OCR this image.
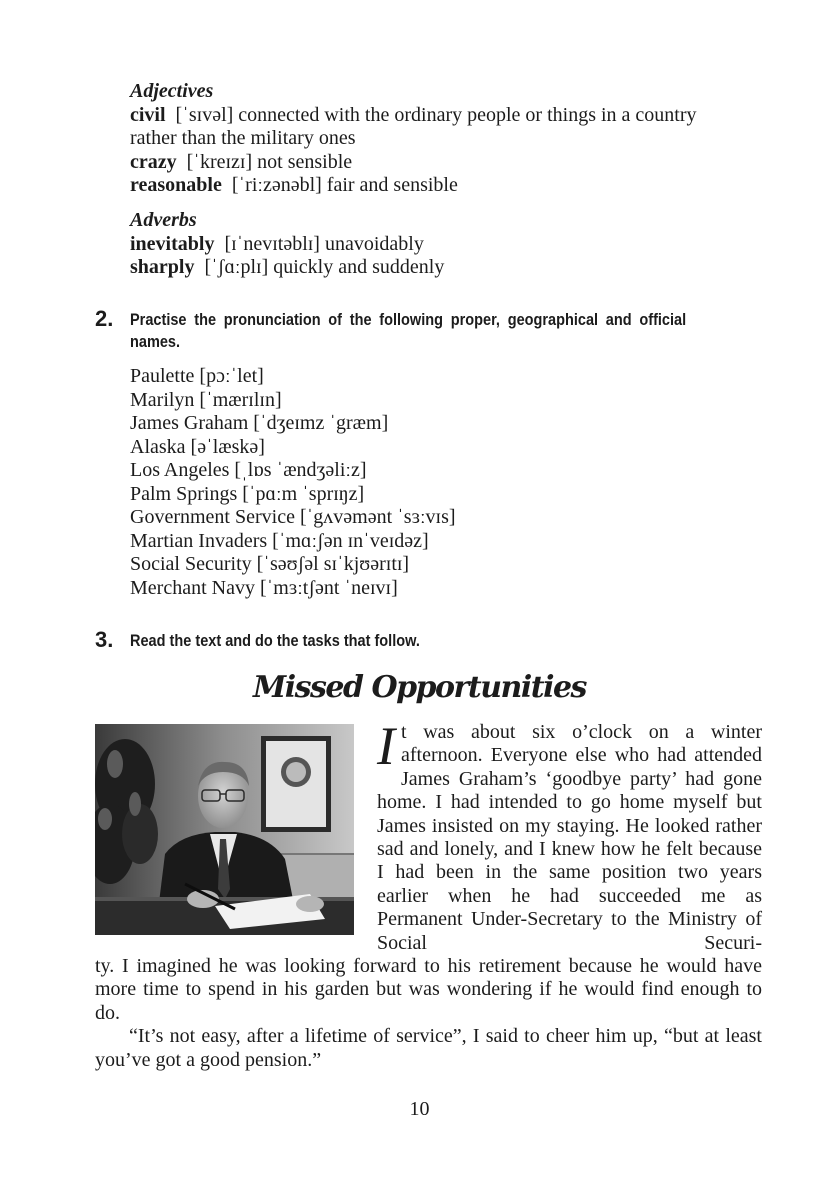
Adjectives
civil [ˈsɪvəl] connected with the ordinary people or things in a country
rather than the military ones
crazy [ˈkreɪzɪ] not sensible
reasonable [ˈriːzənəbl] fair and sensible
Adverbs
inevitably [ɪˈnevɪtəblɪ] unavoidably
sharply [ˈʃɑːplɪ] quickly and suddenly
2. Practise the pronunciation of the following proper, geographical and official names.
Paulette [pɔːˈlet]
Marilyn [ˈmærɪlɪn]
James Graham [ˈdʒeɪmz ˈgræm]
Alaska [əˈlæskə]
Los Angeles [ˌlɒs ˈændʒəliːz]
Palm Springs [ˈpɑːm ˈsprɪŋz]
Government Service [ˈgʌvəmənt ˈsɜːvɪs]
Martian Invaders [ˈmɑːʃən ɪnˈveɪdəz]
Social Security [ˈsəʊʃəl sɪˈkjʊərɪtɪ]
Merchant Navy [ˈmɜːtʃənt ˈneɪvɪ]
3. Read the text and do the tasks that follow.
Missed Opportunities
It was about six o’clock on a winter afternoon. Everyone else who had attended James Graham’s ‘goodbye party’ had gone home. I had intended to go home myself but James insisted on my staying. He looked rather sad and lonely, and I knew how he felt because I had been in the same position two years earlier when he had succeeded me as Permanent Under-Secretary to the Ministry of Social Securi-

ty. I imagined he was looking forward to his retirement because he would have more time to spend in his garden but was wondering if he would find enough to do.

“It’s not easy, after a lifetime of service”, I said to cheer him up, “but at least you’ve got a good pension.”

10
